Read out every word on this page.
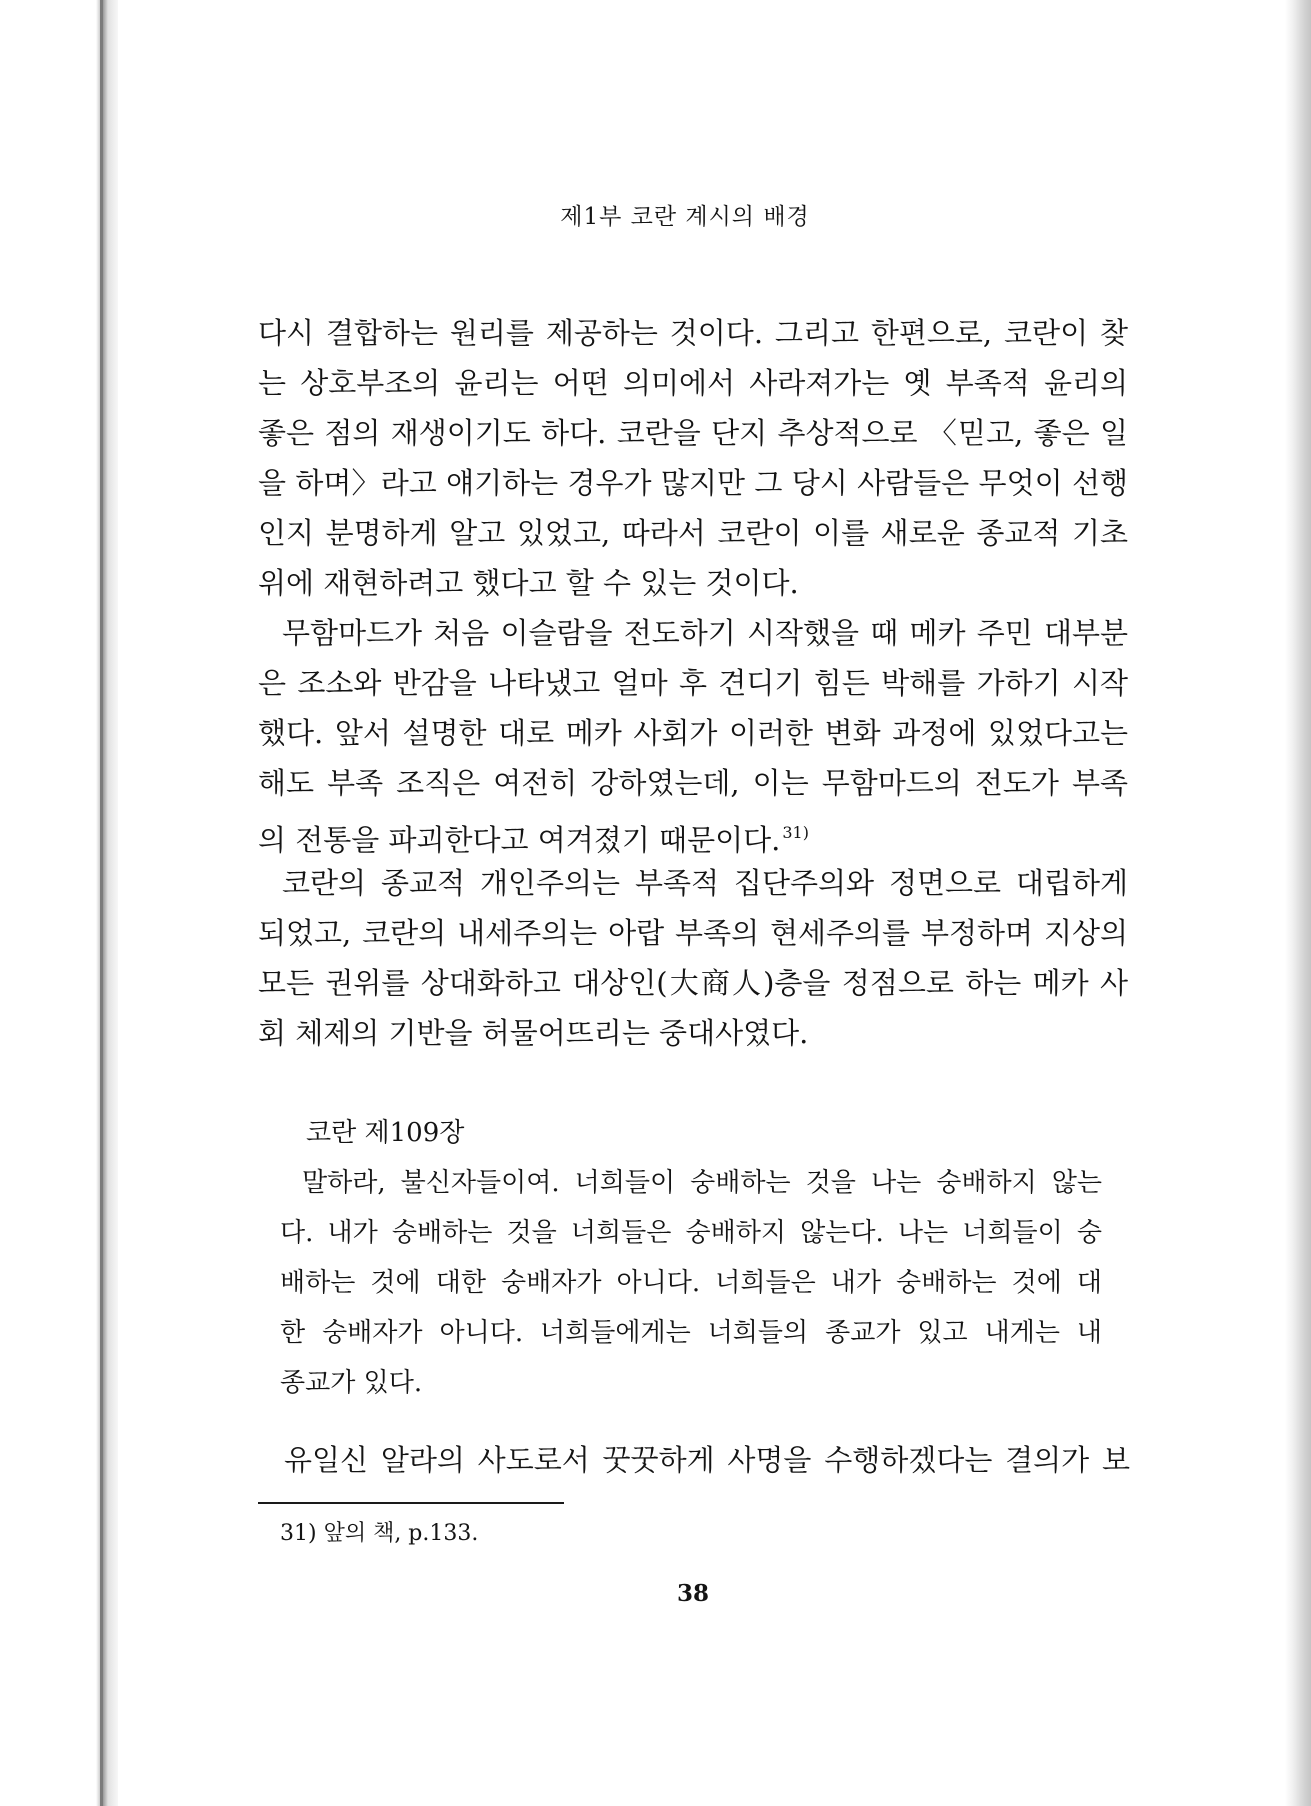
제1부 코란 계시의 배경
다시 결합하는 원리를 제공하는 것이다. 그리고 한편으로, 코란이 찾
는 상호부조의 윤리는 어떤 의미에서 사라져가는 옛 부족적 윤리의
좋은 점의 재생이기도 하다. 코란을 단지 추상적으로 〈믿고, 좋은 일
을 하며〉라고 얘기하는 경우가 많지만 그 당시 사람들은 무엇이 선행
인지 분명하게 알고 있었고, 따라서 코란이 이를 새로운 종교적 기초
위에 재현하려고 했다고 할 수 있는 것이다.
무함마드가 처음 이슬람을 전도하기 시작했을 때 메카 주민 대부분
은 조소와 반감을 나타냈고 얼마 후 견디기 힘든 박해를 가하기 시작
했다. 앞서 설명한 대로 메카 사회가 이러한 변화 과정에 있었다고는
해도 부족 조직은 여전히 강하였는데, 이는 무함마드의 전도가 부족
의 전통을 파괴한다고 여겨졌기 때문이다. $^{31)}$
코란의 종교적 개인주의는 부족적 집단주의와 정면으로 대립하게
되었고, 코란의 내세주의는 아랍 부족의 현세주의를 부정하며 지상의
모든 권위를 상대화하고 대상인(大商人)층을 정점으로 하는 메카 사
회 체제의 기반을 허물어뜨리는 중대사였다.
코란 제109장
말하라, 불신자들이여. 너희들이 숭배하는 것을 나는 숭배하지 않는
다. 내가 숭배하는 것을 너희들은 숭배하지 않는다. 나는 너희들이 숭
배하는 것에 대한 숭배자가 아니다. 너희들은 내가 숭배하는 것에 대
한 숭배자가 아니다. 너희들에게는 너희들의 종교가 있고 내게는 내
종교가 있다.
유일신 알라의 사도로서 꿋꿋하게 사명을 수행하겠다는 결의가 보
31) 앞의 책, p.133.
38
